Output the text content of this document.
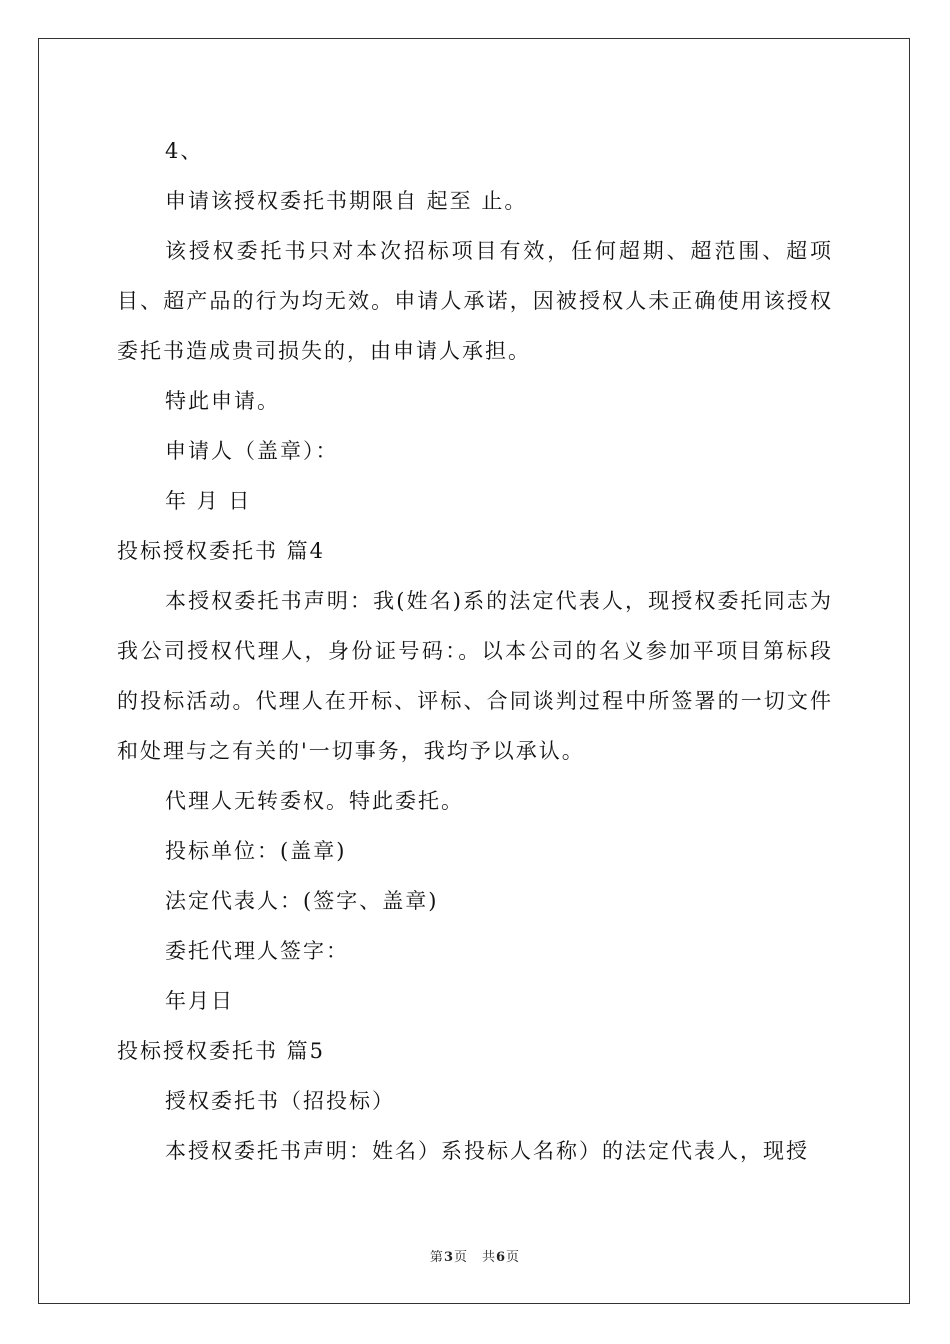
4、

申请该授权委托书期限自 起至 止。

该授权委托书只对本次招标项目有效，任何超期、超范围、超项目、超产品的行为均无效。申请人承诺，因被授权人未正确使用该授权委托书造成贵司损失的，由申请人承担。

特此申请。

申请人（盖章）：

年 月 日

投标授权委托书 篇4

本授权委托书声明：我(姓名)系的法定代表人，现授权委托同志为我公司授权代理人，身份证号码：。以本公司的名义参加平项目第标段的投标活动。代理人在开标、评标、合同谈判过程中所签署的一切文件和处理与之有关的'一切事务，我均予以承认。

代理人无转委权。特此委托。

投标单位：(盖章)

法定代表人：(签字、盖章)

委托代理人签字：

年月日

投标授权委托书 篇5

授权委托书（招投标）

本授权委托书声明：姓名）系投标人名称）的法定代表人，现授

第3页　共6页
